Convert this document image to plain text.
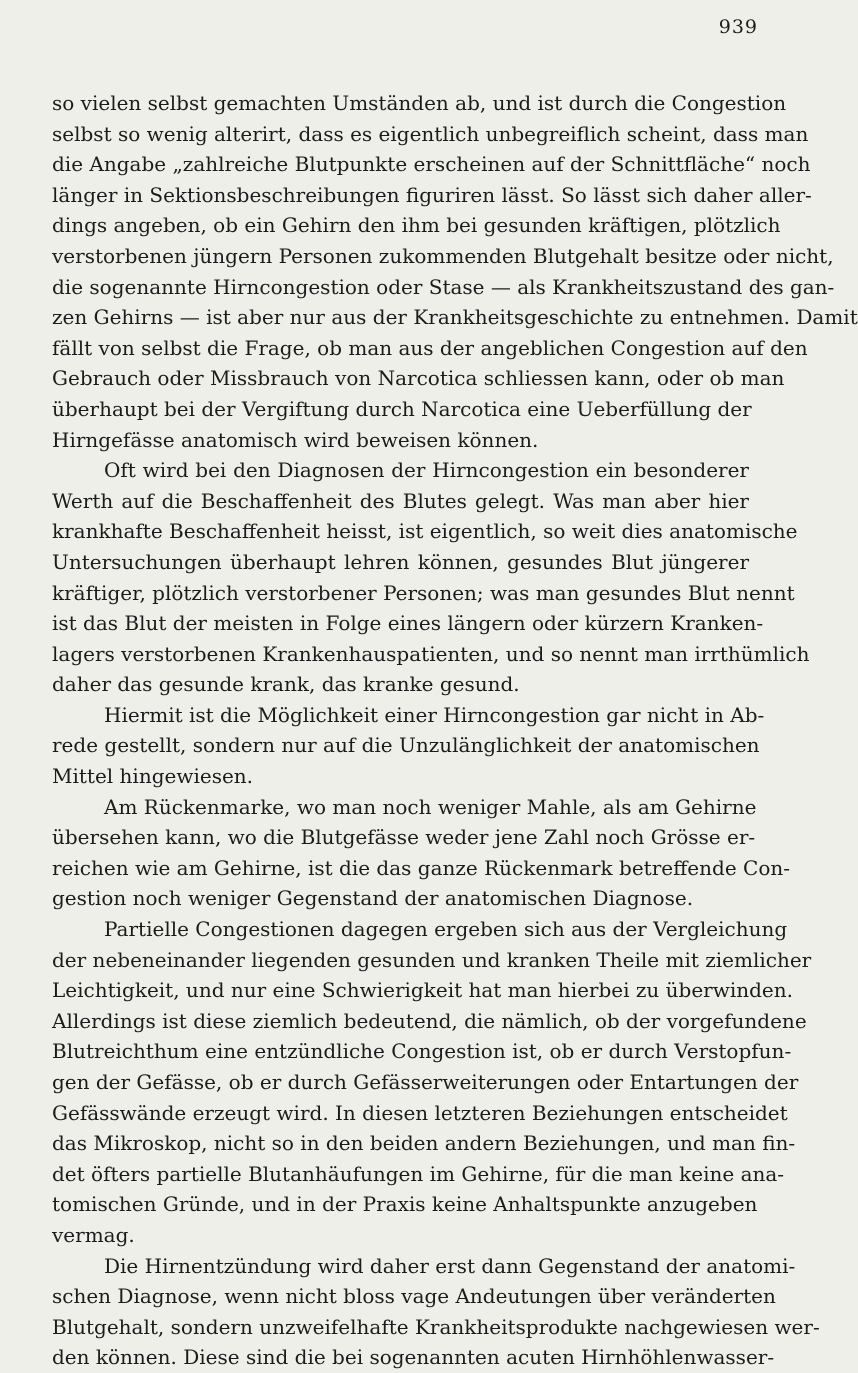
939
so vielen selbst gemachten Umständen ab, und ist durch die Congestion
selbst so wenig alterirt, dass es eigentlich unbegreiflich scheint, dass man
die Angabe „zahlreiche Blutpunkte erscheinen auf der Schnittfläche“ noch
länger in Sektionsbeschreibungen figuriren lässt. So lässt sich daher aller-
dings angeben, ob ein Gehirn den ihm bei gesunden kräftigen, plötzlich
verstorbenen jüngern Personen zukommenden Blutgehalt besitze oder nicht,
die sogenannte Hirncongestion oder Stase — als Krankheitszustand des gan-
zen Gehirns — ist aber nur aus der Krankheitsgeschichte zu entnehmen. Damit
fällt von selbst die Frage, ob man aus der angeblichen Congestion auf den
Gebrauch oder Missbrauch von Narcotica schliessen kann, oder ob man
überhaupt bei der Vergiftung durch Narcotica eine Ueberfüllung der
Hirngefässe anatomisch wird beweisen können.
Oft wird bei den Diagnosen der Hirncongestion ein besonderer
Werth auf die Beschaffenheit des Blutes gelegt. Was man aber hier
krankhafte Beschaffenheit heisst, ist eigentlich, so weit dies anatomische
Untersuchungen überhaupt lehren können, gesundes Blut jüngerer
kräftiger, plötzlich verstorbener Personen; was man gesundes Blut nennt
ist das Blut der meisten in Folge eines längern oder kürzern Kranken-
lagers verstorbenen Krankenhauspatienten, und so nennt man irrthümlich
daher das gesunde krank, das kranke gesund.
Hiermit ist die Möglichkeit einer Hirncongestion gar nicht in Ab-
rede gestellt, sondern nur auf die Unzulänglichkeit der anatomischen
Mittel hingewiesen.
Am Rückenmarke, wo man noch weniger Mahle, als am Gehirne
übersehen kann, wo die Blutgefässe weder jene Zahl noch Grösse er-
reichen wie am Gehirne, ist die das ganze Rückenmark betreffende Con-
gestion noch weniger Gegenstand der anatomischen Diagnose.
Partielle Congestionen dagegen ergeben sich aus der Vergleichung
der nebeneinander liegenden gesunden und kranken Theile mit ziemlicher
Leichtigkeit, und nur eine Schwierigkeit hat man hierbei zu überwinden.
Allerdings ist diese ziemlich bedeutend, die nämlich, ob der vorgefundene
Blutreichthum eine entzündliche Congestion ist, ob er durch Verstopfun-
gen der Gefässe, ob er durch Gefässerweiterungen oder Entartungen der
Gefässwände erzeugt wird. In diesen letzteren Beziehungen entscheidet
das Mikroskop, nicht so in den beiden andern Beziehungen, und man fin-
det öfters partielle Blutanhäufungen im Gehirne, für die man keine ana-
tomischen Gründe, und in der Praxis keine Anhaltspunkte anzugeben
vermag.
Die Hirnentzündung wird daher erst dann Gegenstand der anatomi-
schen Diagnose, wenn nicht bloss vage Andeutungen über veränderten
Blutgehalt, sondern unzweifelhafte Krankheitsprodukte nachgewiesen wer-
den können. Diese sind die bei sogenannten acuten Hirnhöhlenwasser-
